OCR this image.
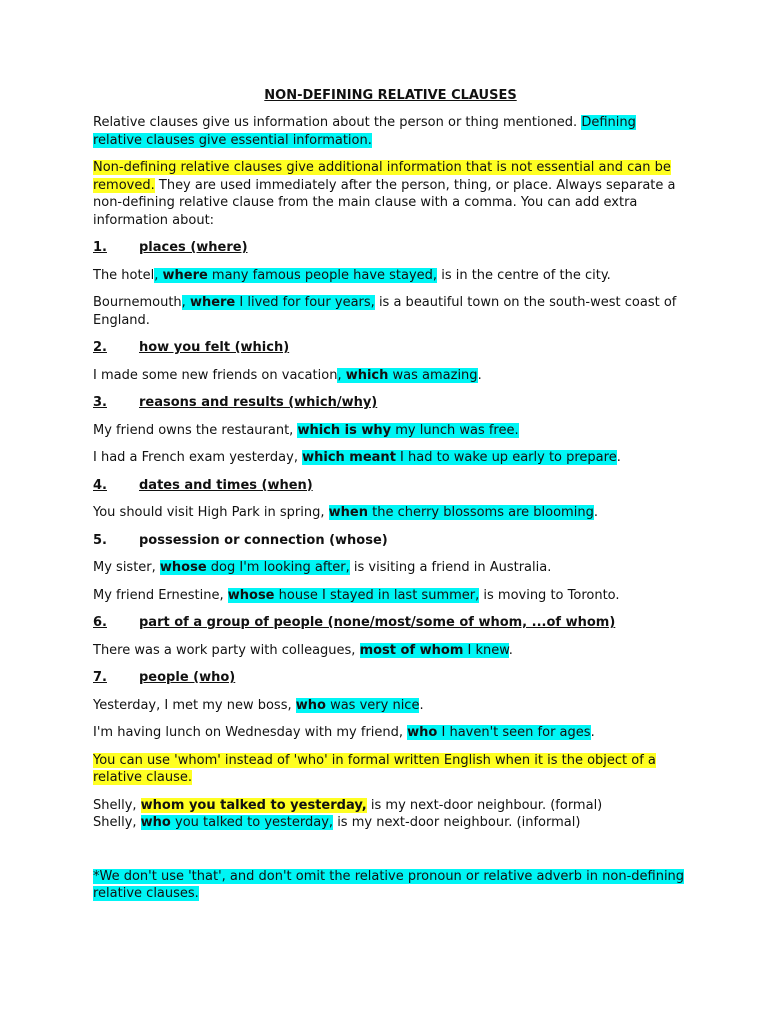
NON-DEFINING RELATIVE CLAUSES

Relative clauses give us information about the person or thing mentioned. Defining relative clauses give essential information.

Non-defining relative clauses give additional information that is not essential and can be removed. They are used immediately after the person, thing, or place. Always separate a non-defining relative clause from the main clause with a comma. You can add extra information about:

1.	places (where)

The hotel, where many famous people have stayed, is in the centre of the city.

Bournemouth, where I lived for four years, is a beautiful town on the south-west coast of England.

2.	how you felt (which)

I made some new friends on vacation, which was amazing.

3.	reasons and results (which/why)

My friend owns the restaurant, which is why my lunch was free.

I had a French exam yesterday, which meant I had to wake up early to prepare.

4.	dates and times (when)

You should visit High Park in spring, when the cherry blossoms are blooming.

5.	possession or connection (whose)

My sister, whose dog I'm looking after, is visiting a friend in Australia.

My friend Ernestine, whose house I stayed in last summer, is moving to Toronto.

6.	part of a group of people (none/most/some of whom, ...of whom)

There was a work party with colleagues, most of whom I knew.

7.	people (who)

Yesterday, I met my new boss, who was very nice.

I'm having lunch on Wednesday with my friend, who I haven't seen for ages.

You can use 'whom' instead of 'who' in formal written English when it is the object of a relative clause.

Shelly, whom you talked to yesterday, is my next-door neighbour. (formal)

Shelly, who you talked to yesterday, is my next-door neighbour. (informal)

*We don't use 'that', and don't omit the relative pronoun or relative adverb in non-defining relative clauses.
